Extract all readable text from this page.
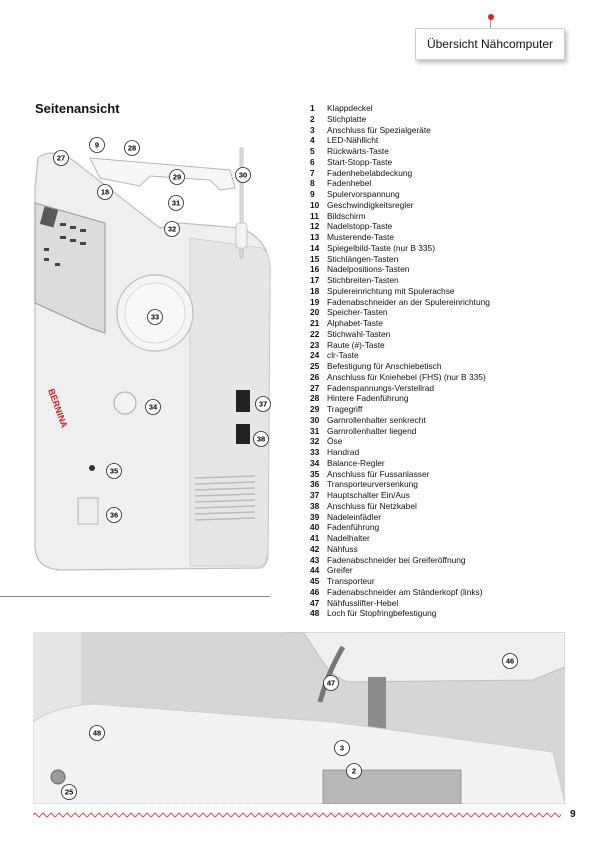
Übersicht Nähcomputer
Seitenansicht
BERNINA
9	28
27
18
29	30
31
32
33
34	37
38
35
36
1 Klappdeckel
2 Stichplatte
3 Anschluss für Spezialgeräte
4 LED-Nähllicht
5 Rückwärts-Taste
6 Start-Stopp-Taste
7 Fadenhebelabdeckung
8 Fadenhebel
9 Spulervorspannung
10 Geschwindigkeitsregler
11 Bildschirm
12 Nadelstopp-Taste
13 Musterende-Taste
14 Spiegelbild-Taste (nur B 335)
15 Stichlängen-Tasten
16 Nadelpositions-Tasten
17 Stichbreiten-Tasten
18 Spulereinrichtung mit Spulerachse
19 Fadenabschneider an der Spulereinrichtung
20 Speicher-Tasten
21 Alphabet-Taste
22 Stichwahl-Tasten
23 Raute (#)-Taste
24 clr-Taste
25 Befestigung für Anschiebetisch
26 Anschluss für Kniehebel (FHS) (nur B 335)
27 Fadenspannungs-Verstellrad
28 Hintere Fadenführung
29 Tragegriff
30 Garnrollenhalter senkrecht
31 Garnrollenhalter liegend
32 Öse
33 Handrad
34 Balance-Regler
35 Anschluss für Fussanlasser
36 Transporteurversenkung
37 Hauptschalter Ein/Aus
38 Anschluss für Netzkabel
39 Nadeleinfädler
40 Fadenführung
41 Nadelhalter
42 Nähfuss
43 Fadenabschneider bei Greiferöffnung
44 Greifer
45 Transporteur
46 Fadenabschneider am Ständerkopf (links)
47 Nähfusslifter-Hebel
48 Loch für Stopfringbefestigung
46
47
48
3
2
25
9
